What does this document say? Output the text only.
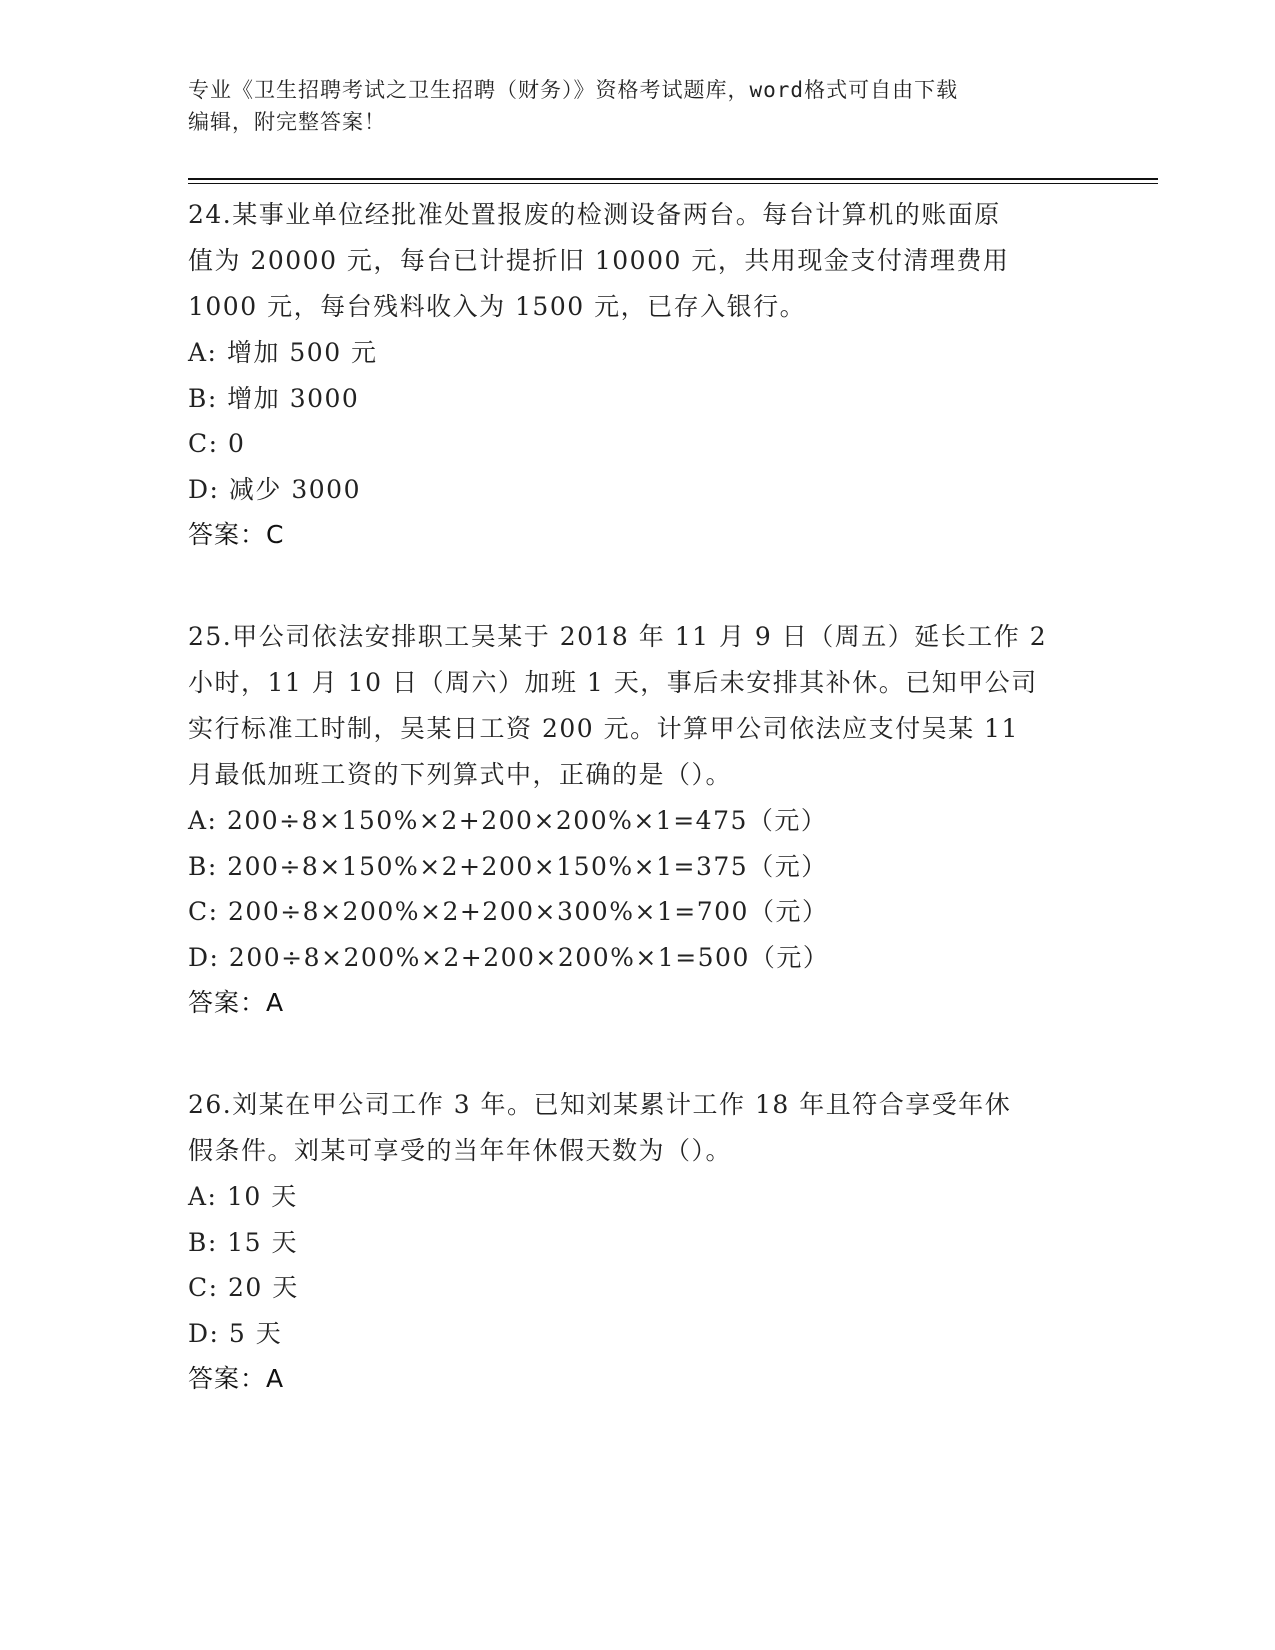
专业《卫生招聘考试之卫生招聘（财务）》资格考试题库，word格式可自由下载
编辑，附完整答案！

24.某事业单位经批准处置报废的检测设备两台。每台计算机的账面原
值为 20000 元，每台已计提折旧 10000 元，共用现金支付清理费用
1000 元，每台残料收入为 1500 元，已存入银行。

A: 增加 500 元

B: 增加 3000

C: 0

D: 减少 3000

答案：C

25.甲公司依法安排职工吴某于 2018 年 11 月 9 日（周五）延长工作 2
小时，11 月 10 日（周六）加班 1 天，事后未安排其补休。已知甲公司
实行标准工时制，吴某日工资 200 元。计算甲公司依法应支付吴某 11
月最低加班工资的下列算式中，正确的是（）。

A: 200÷8×150%×2+200×200%×1=475（元）

B: 200÷8×150%×2+200×150%×1=375（元）

C: 200÷8×200%×2+200×300%×1=700（元）

D: 200÷8×200%×2+200×200%×1=500（元）

答案：A

26.刘某在甲公司工作 3 年。已知刘某累计工作 18 年且符合享受年休
假条件。刘某可享受的当年年休假天数为（）。

A: 10 天

B: 15 天

C: 20 天

D: 5 天

答案：A
